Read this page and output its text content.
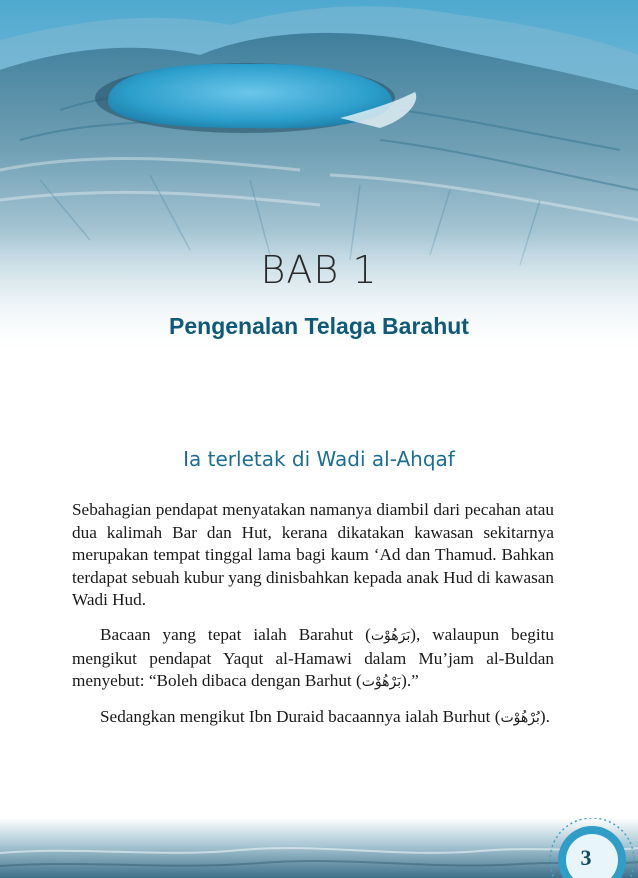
BAB 1
Pengenalan Telaga Barahut
Ia terletak di Wadi al-Ahqaf

Sebahagian pendapat menyatakan namanya diambil dari pecahan atau dua kalimah Bar dan Hut, kerana dikatakan kawasan sekitarnya merupakan tempat tinggal lama bagi kaum ‘Ad dan Thamud. Bahkan terdapat sebuah kubur yang dinisbahkan kepada anak Hud di kawasan Wadi Hud.

Bacaan yang tepat ialah Barahut (بَرَهُوْت), walaupun begitu mengikut pendapat Yaqut al-Hamawi dalam Mu’jam al-Buldan menyebut: “Boleh dibaca dengan Barhut (بَرْهُوْت).”

Sedangkan mengikut Ibn Duraid bacaannya ialah Burhut (بُرْهُوْت).

3
